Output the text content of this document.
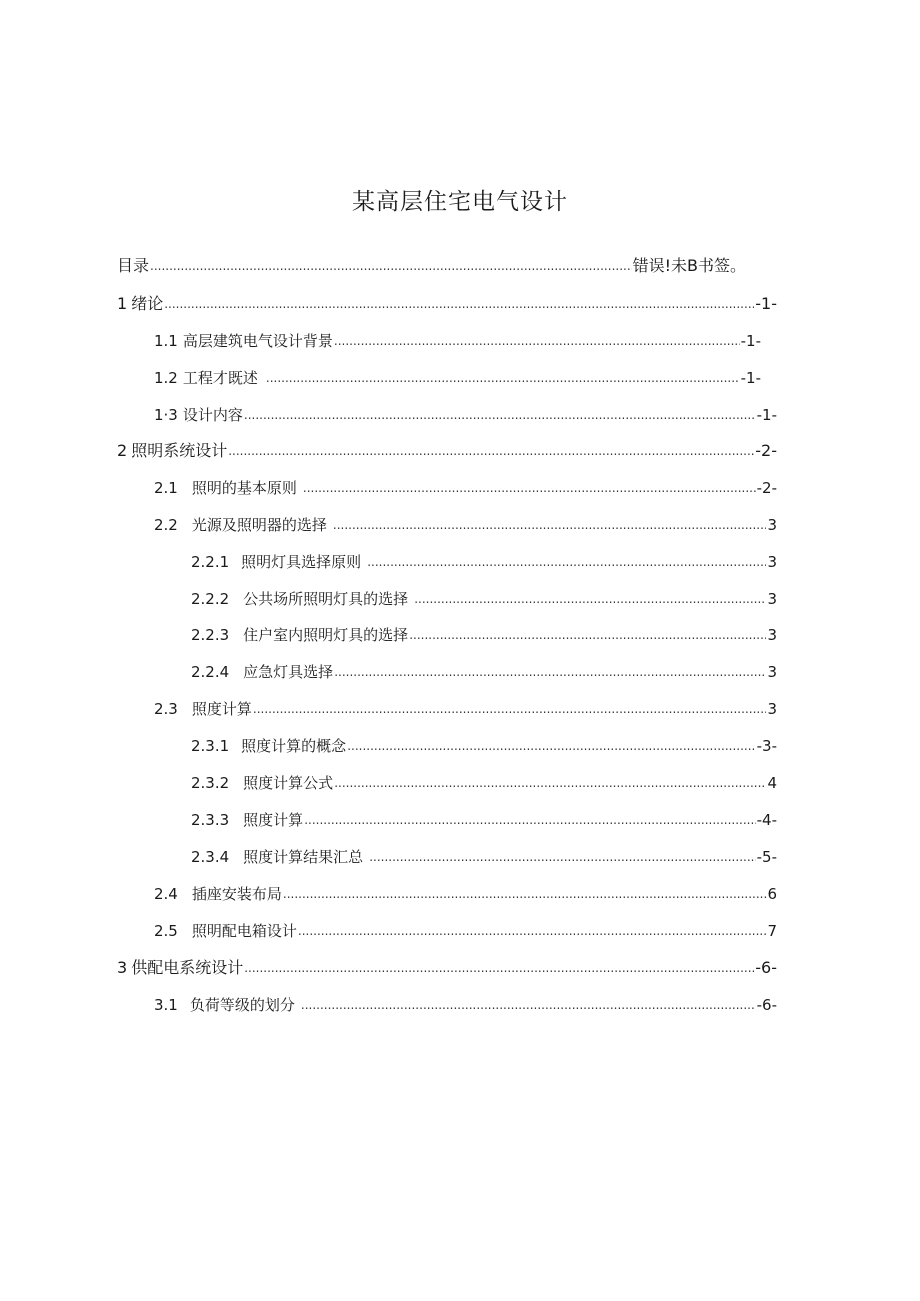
某高层住宅电气设计
目录 .....	错误!未B书签。
1 绪论 .....	-1-
1.1 高层建筑电气设计背景 .....	-1-
1.2 工程才既述 .....	-1-
1·3 设计内容 .....	-1-
2 照明系统设计 .....	-2-
2.1 照明的基本原则 .....	-2-
2.2 光源及照明器的选择 .....	3
2.2.1 照明灯具选择原则 .....	3
2.2.2 公共场所照明灯具的选择 .....	3
2.2.3 住户室内照明灯具的选择 .....	3
2.2.4 应急灯具选择 .....	3
2.3 照度计算 .....	3
2.3.1 照度计算的概念 .....	-3-
2.3.2 照度计算公式 .....	4
2.3.3 照度计算 .....	-4-
2.3.4 照度计算结果汇总 .....	-5-
2.4 插座安装布局 .....	6
2.5 照明配电箱设计 .....	7
3 供配电系统设计 .....	-6-
3.1 负荷等级的划分 .....	-6-
